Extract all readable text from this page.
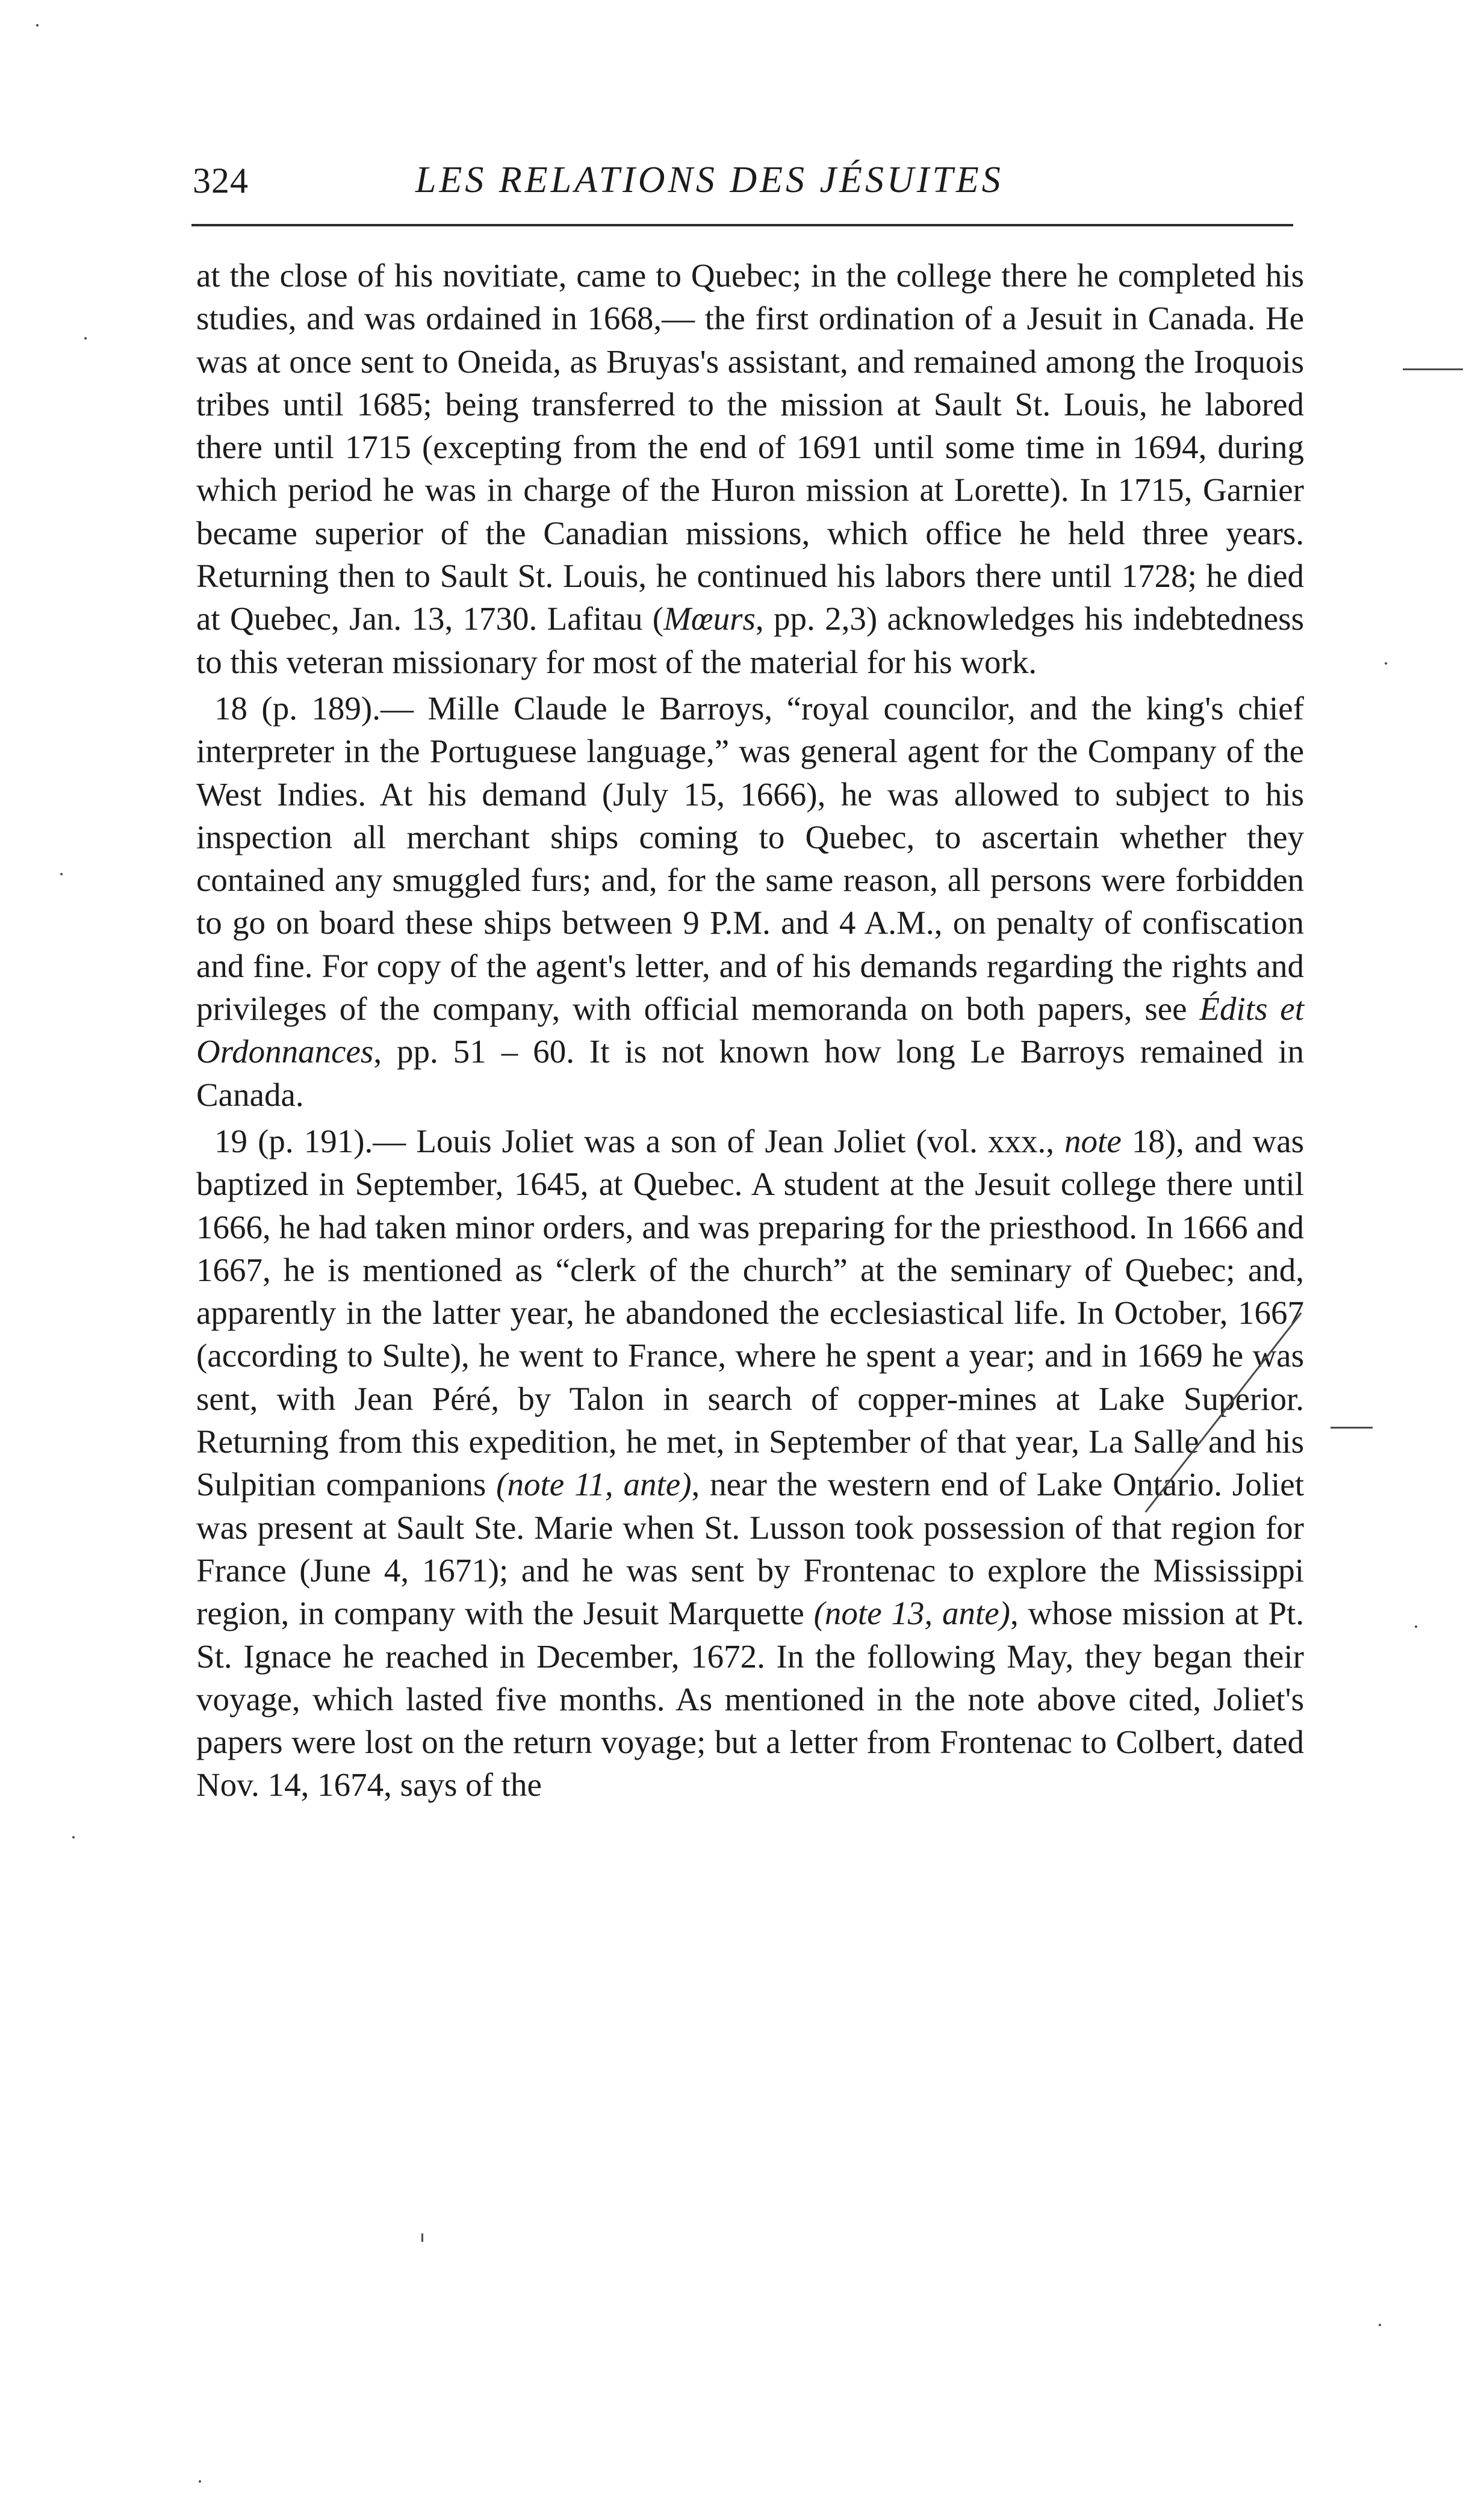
324	LES RELATIONS DES JÉSUITES

at the close of his novitiate, came to Quebec; in the college there he completed his studies, and was ordained in 1668,— the first ordination of a Jesuit in Canada. He was at once sent to Oneida, as Bruyas's assistant, and remained among the Iroquois tribes until 1685; being transferred to the mission at Sault St. Louis, he labored there until 1715 (excepting from the end of 1691 until some time in 1694, during which period he was in charge of the Huron mission at Lorette). In 1715, Garnier became superior of the Canadian missions, which office he held three years. Returning then to Sault St. Louis, he continued his labors there until 1728; he died at Quebec, Jan. 13, 1730. Lafitau (Mœurs, pp. 2,3) acknowledges his indebtedness to this veteran missionary for most of the material for his work.

18 (p. 189).— Mille Claude le Barroys, “royal councilor, and the king's chief interpreter in the Portuguese language,” was general agent for the Company of the West Indies. At his demand (July 15, 1666), he was allowed to subject to his inspection all merchant ships coming to Quebec, to ascertain whether they contained any smuggled furs; and, for the same reason, all persons were forbidden to go on board these ships between 9 P.M. and 4 A.M., on penalty of confiscation and fine. For copy of the agent's letter, and of his demands regarding the rights and privileges of the company, with official memoranda on both papers, see Édits et Ordonnances, pp. 51 – 60. It is not known how long Le Barroys remained in Canada.

19 (p. 191).— Louis Joliet was a son of Jean Joliet (vol. xxx., note 18), and was baptized in September, 1645, at Quebec. A student at the Jesuit college there until 1666, he had taken minor orders, and was preparing for the priesthood. In 1666 and 1667, he is mentioned as “clerk of the church” at the seminary of Quebec; and, apparently in the latter year, he abandoned the ecclesiastical life. In October, 1667 (according to Sulte), he went to France, where he spent a year; and in 1669 he was sent, with Jean Péré, by Talon in search of copper-mines at Lake Superior. Returning from this expedition, he met, in September of that year, La Salle and his Sulpitian companions (note 11, ante), near the western end of Lake Ontario. Joliet was present at Sault Ste. Marie when St. Lusson took possession of that region for France (June 4, 1671); and he was sent by Frontenac to explore the Mississippi region, in company with the Jesuit Marquette (note 13, ante), whose mission at Pt. St. Ignace he reached in December, 1672. In the following May, they began their voyage, which lasted five months. As mentioned in the note above cited, Joliet's papers were lost on the return voyage; but a letter from Frontenac to Colbert, dated Nov. 14, 1674, says of the
